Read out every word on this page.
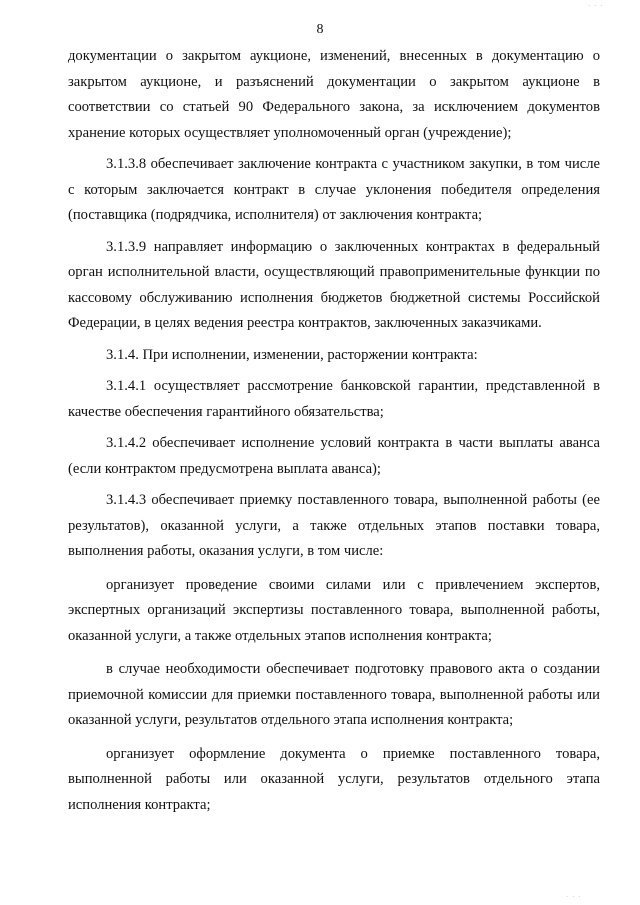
· · ·
8

документации о закрытом аукционе, изменений, внесенных в документацию о закрытом аукционе, и разъяснений документации о закрытом аукционе в соответствии со статьей 90 Федерального закона, за исключением документов хранение которых осуществляет уполномоченный орган (учреждение);

3.1.3.8 обеспечивает заключение контракта с участником закупки, в том числе с которым заключается контракт в случае уклонения победителя определения (поставщика (подрядчика, исполнителя) от заключения контракта;

3.1.3.9 направляет информацию о заключенных контрактах в федеральный орган исполнительной власти, осуществляющий правоприменительные функции по кассовому обслуживанию исполнения бюджетов бюджетной системы Российской Федерации, в целях ведения реестра контрактов, заключенных заказчиками.

3.1.4. При исполнении, изменении, расторжении контракта:

3.1.4.1 осуществляет рассмотрение банковской гарантии, представленной в качестве обеспечения гарантийного обязательства;

3.1.4.2 обеспечивает исполнение условий контракта в части выплаты аванса (если контрактом предусмотрена выплата аванса);

3.1.4.3 обеспечивает приемку поставленного товара, выполненной работы (ее результатов), оказанной услуги, а также отдельных этапов поставки товара, выполнения работы, оказания услуги, в том числе:

организует проведение своими силами или с привлечением экспертов, экспертных организаций экспертизы поставленного товара, выполненной работы, оказанной услуги, а также отдельных этапов исполнения контракта;

в случае необходимости обеспечивает подготовку правового акта о создании приемочной комиссии для приемки поставленного товара, выполненной работы или оказанной услуги, результатов отдельного этапа исполнения контракта;

организует оформление документа о приемке поставленного товара, выполненной работы или оказанной услуги, результатов отдельного этапа исполнения контракта;

· · ·
